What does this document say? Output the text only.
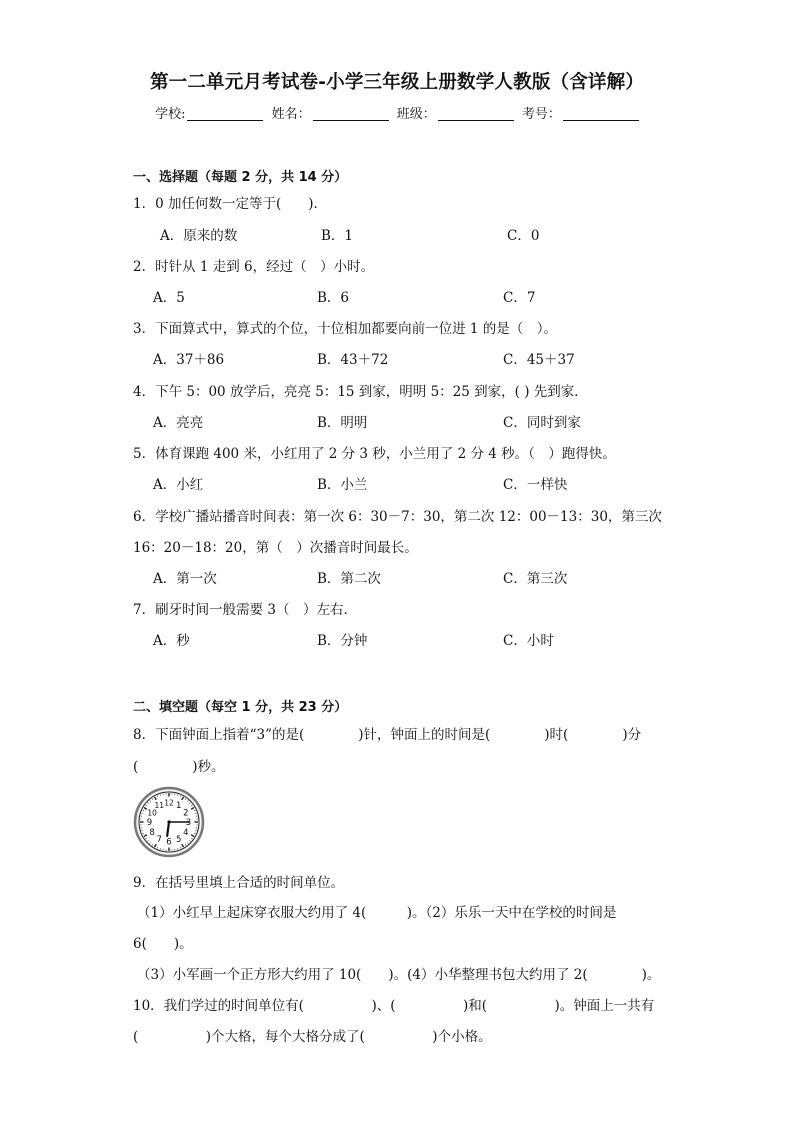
第一二单元月考试卷-小学三年级上册数学人教版（含详解）
学校:	姓名：	班级：	考号：
一、选择题（每题 2 分，共 14 分）
1．0 加任何数一定等于(　　)．
A．原来的数	B．1	C．0
2．时针从 1 走到 6，经过（　）小时。
A．5	B．6	C．7
3．下面算式中，算式的个位，十位相加都要向前一位进 1 的是（　）。
A．37＋86	B．43＋72	C．45＋37
4．下午 5：00 放学后，亮亮 5：15 到家，明明 5：25 到家，( ) 先到家．
A．亮亮	B．明明	C．同时到家
5．体育课跑 400 米，小红用了 2 分 3 秒，小兰用了 2 分 4 秒。（　）跑得快。
A．小红	B．小兰	C．一样快
6．学校广播站播音时间表：第一次 6：30－7：30，第二次 12：00－13：30，第三次
16：20－18：20，第（　）次播音时间最长。
A．第一次	B．第二次	C．第三次
7．刷牙时间一般需要 3（　）左右．
A．秒	B．分钟	C．小时
二、填空题（每空 1 分，共 23 分）
8．下面钟面上指着“3”的是(　　　　)针，钟面上的时间是(　　　　)时(　　　　)分
(　　　　)秒。
12 1
2
3
4
5
6
7
8
9
10
11
9．在括号里填上合适的时间单位。
（1）小红早上起床穿衣服大约用了 4(　　　)。（2）乐乐一天中在学校的时间是
6(　　)。
（3）小军画一个正方形大约用了 10(　　)。(4）小华整理书包大约用了 2(　　　　)。
10．我们学过的时间单位有(　　　　　)、(　　　　　)和(　　　　　)。钟面上一共有
(　　　　　)个大格，每个大格分成了(　　　　　)个小格。
